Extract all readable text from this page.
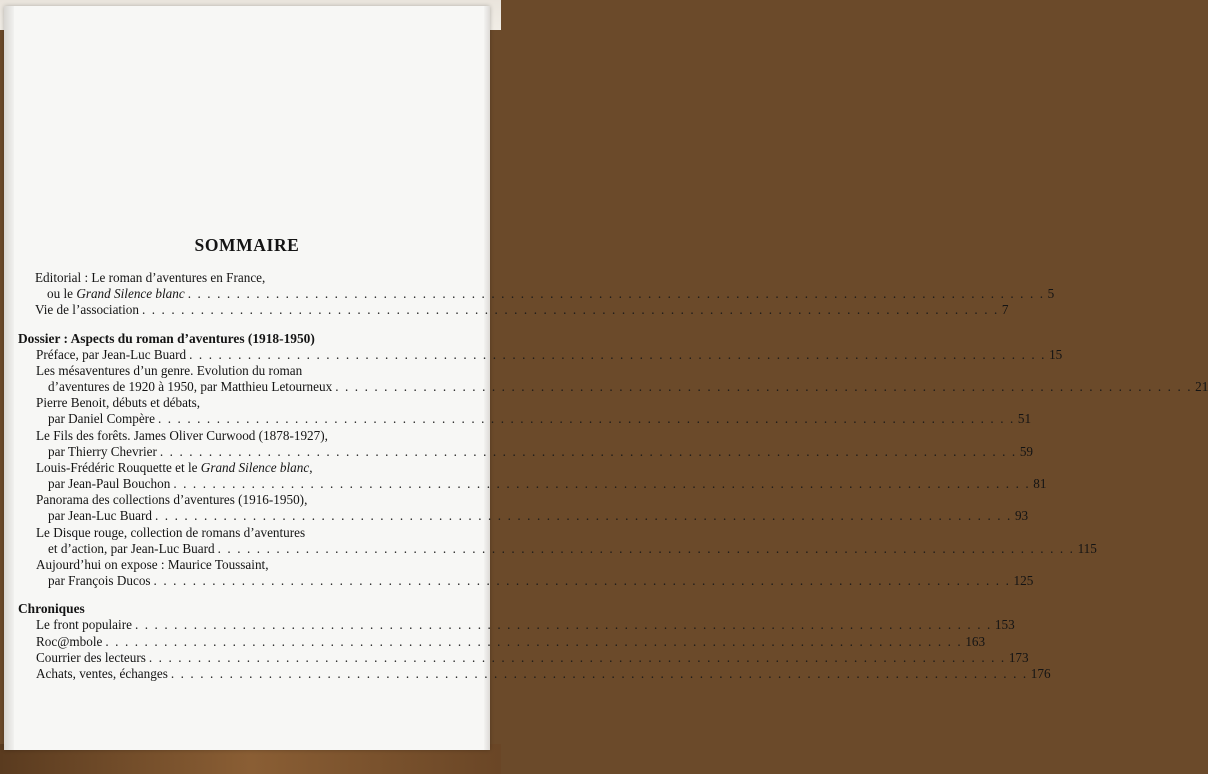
SOMMAIRE
Editorial : Le roman d’aventures en France,
ou le Grand Silence blanc . . . . . . . . . . . . . . . . . . . . . . . . . . . . . . . . . . . . . . . . . . . . . . . . . . . . . . . . . . . . . . . . . . . . . . . . . . . . . . . . . . . . . . . . 5
Vie de l’association . . . . . . . . . . . . . . . . . . . . . . . . . . . . . . . . . . . . . . . . . . . . . . . . . . . . . . . . . . . . . . . . . . . . . . . . . . . . . . . . . . . . . . . . 7
Dossier : Aspects du roman d’aventures (1918-1950)
Préface, par Jean-Luc Buard . . . . . . . . . . . . . . . . . . . . . . . . . . . . . . . . . . . . . . . . . . . . . . . . . . . . . . . . . . . . . . . . . . . . . . . . . . . . . . . . . . . . . . . . 15
Les mésaventures d’un genre. Evolution du roman
d’aventures de 1920 à 1950, par Matthieu Letourneux . . . . . . . . . . . . . . . . . . . . . . . . . . . . . . . . . . . . . . . . . . . . . . . . . . . . . . . . . . . . . . . . . . . . . . . . . . . . . . . . . . . . . . . . 21
Pierre Benoit, débuts et débats,
par Daniel Compère . . . . . . . . . . . . . . . . . . . . . . . . . . . . . . . . . . . . . . . . . . . . . . . . . . . . . . . . . . . . . . . . . . . . . . . . . . . . . . . . . . . . . . . . 51
Le Fils des forêts. James Oliver Curwood (1878-1927),
par Thierry Chevrier . . . . . . . . . . . . . . . . . . . . . . . . . . . . . . . . . . . . . . . . . . . . . . . . . . . . . . . . . . . . . . . . . . . . . . . . . . . . . . . . . . . . . . . . 59
Louis-Frédéric Rouquette et le Grand Silence blanc,
par Jean-Paul Bouchon . . . . . . . . . . . . . . . . . . . . . . . . . . . . . . . . . . . . . . . . . . . . . . . . . . . . . . . . . . . . . . . . . . . . . . . . . . . . . . . . . . . . . . . . 81
Panorama des collections d’aventures (1916-1950),
par Jean-Luc Buard . . . . . . . . . . . . . . . . . . . . . . . . . . . . . . . . . . . . . . . . . . . . . . . . . . . . . . . . . . . . . . . . . . . . . . . . . . . . . . . . . . . . . . . . 93
Le Disque rouge, collection de romans d’aventures
et d’action, par Jean-Luc Buard . . . . . . . . . . . . . . . . . . . . . . . . . . . . . . . . . . . . . . . . . . . . . . . . . . . . . . . . . . . . . . . . . . . . . . . . . . . . . . . . . . . . . . . . 115
Aujourd’hui on expose : Maurice Toussaint,
par François Ducos . . . . . . . . . . . . . . . . . . . . . . . . . . . . . . . . . . . . . . . . . . . . . . . . . . . . . . . . . . . . . . . . . . . . . . . . . . . . . . . . . . . . . . . . 125
Chroniques
Le front populaire . . . . . . . . . . . . . . . . . . . . . . . . . . . . . . . . . . . . . . . . . . . . . . . . . . . . . . . . . . . . . . . . . . . . . . . . . . . . . . . . . . . . . . . . 153
Roc@mbole . . . . . . . . . . . . . . . . . . . . . . . . . . . . . . . . . . . . . . . . . . . . . . . . . . . . . . . . . . . . . . . . . . . . . . . . . . . . . . . . . . . . . . . . 163
Courrier des lecteurs . . . . . . . . . . . . . . . . . . . . . . . . . . . . . . . . . . . . . . . . . . . . . . . . . . . . . . . . . . . . . . . . . . . . . . . . . . . . . . . . . . . . . . . . 173
Achats, ventes, échanges . . . . . . . . . . . . . . . . . . . . . . . . . . . . . . . . . . . . . . . . . . . . . . . . . . . . . . . . . . . . . . . . . . . . . . . . . . . . . . . . . . . . . . . . 176
